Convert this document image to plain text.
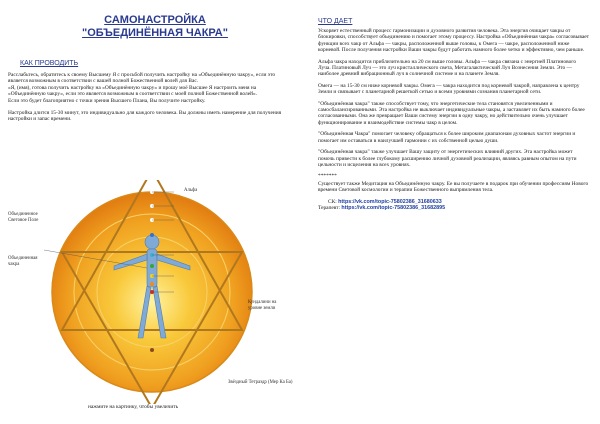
САМОНАСТРОЙКА
"ОБЪЕДИНЁННАЯ ЧАКРА"
КАК ПРОВОДИТЬ
Расслабьтесь, обратитесь к своему Высшему Я с просьбой получить настройку на «Объединённую чакру», если это является возможным в соответствии с вашей полной Божественной волей для Вас.
«Я, (имя), готова получить настройку на «Объединённую чакру» и прошу моё Высшее Я настроить меня на «Объединённую чакру», если это является возможным в соответствии с моей полной Божественной волей».
Если это будет благоприятно с точки зрения Высшего Плана, Вы получите настройку.
Настройка длится 15-30 минут, это индивидуально для каждого человека. Вы должны иметь намерение для получения настройки и запас времени.
Альфа
Объединенное Световое Поле
Объединенная чакра
Кундалини на уровне земли
Звёздный Тетраэдр (Мер Ка Ба)
нажмите на картинку, чтобы увеличить
ЧТО ДАЕТ

Ускоряет естественный процесс гармонизации и духовного развития человека. Эта энергия очищает чакры от блокировки, способствует объединению и помогает этому процессу. Настройка «Объединённая чакра» согласовывает функции всех чакр от Альфа — чакры, расположенной выше головы, к Омега — чакре, расположенной ниже корневой. После получения настройки Ваши чакры будут работать намного более четко и эффективно, чем раньше.

Альфа чакра находится приблизительно на 20 см выше головы. Альфа — чакра связана с энергией Платинового Луча. Платиновый Луч — это луч кристаллического света, Метагалактический Луч Вознесения Земли. Это — наиболее древний вибрационный луч в солнечной системе и на планете Земля.

Омега — на 15-30 см ниже корневой чакры. Омега — чакра находится под корневой чакрой, направлена к центру Земли и связывает с планетарной решеткой сетью и всеми уровнями сознания планетарной сети.

"Объединённая чакра" также способствует тому, что энергетические тела становятся увеличенными и самосбалансированными. Эта настройка не выключает индивидуальные чакры, а заставляет их быть намного более согласованными. Она же превращает Ваши систему энергии в одну чакру, но действительно очень улучшает функционирование и взаимодействие системы чакр в целом.

"Объединённая Чакра" помогает человеку обращаться к более широким диапазонам духовных частот энергии и помогает им оставаться в наилучшей гармонии с их собственной целью души.

"Объединённая чакра" также улучшает Вашу защиту от энергетических влияний других. Эта настройка может помочь привести к более глубокому расширению личной духовной реализации, являясь равным опытом на пути цельности и исцеления на всех уровнях.

*******

Существует также Медитация на Объединённую чакру. Ее вы получаете в подарок при обучении профессиям Нового времени Световой космологии и терапии Божественного выпрямления тела.

СК: https://vk.com/topic-75802386_31680633
Терапевт: https://vk.com/topic-75802386_31682895
